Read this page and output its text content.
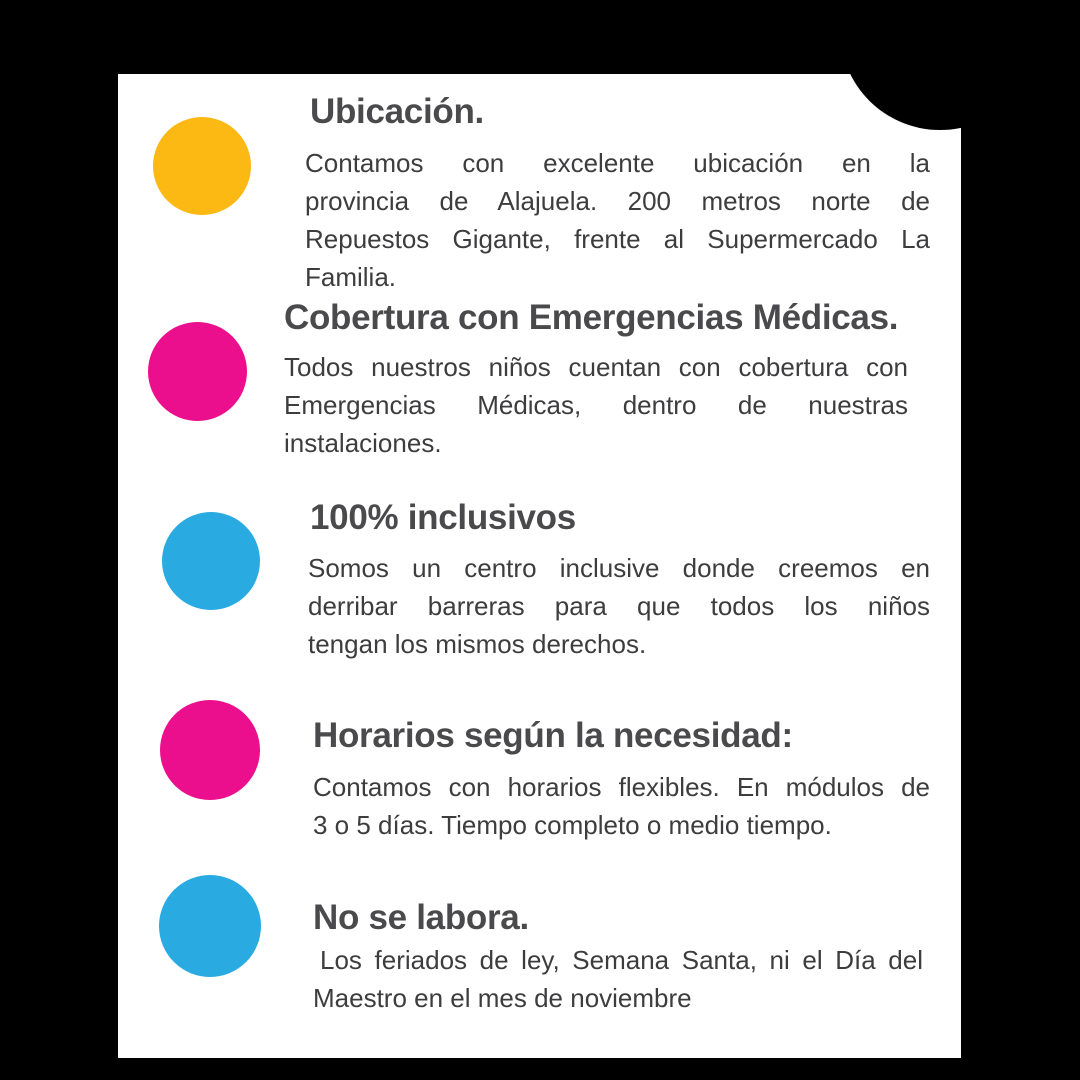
Ubicación.

Contamos con excelente ubicación en la
provincia de Alajuela. 200 metros norte de
Repuestos Gigante, frente al Supermercado La
Familia.

Cobertura con Emergencias Médicas.

Todos nuestros niños cuentan con cobertura con
Emergencias Médicas, dentro de nuestras
instalaciones.

100% inclusivos

Somos un centro inclusive donde creemos en
derribar barreras para que todos los niños
tengan los mismos derechos.

Horarios según la necesidad:

Contamos con horarios flexibles. En módulos de
3 o 5 días. Tiempo completo o medio tiempo.

No se labora.

Los feriados de ley, Semana Santa, ni el Día del
Maestro en el mes de noviembre
